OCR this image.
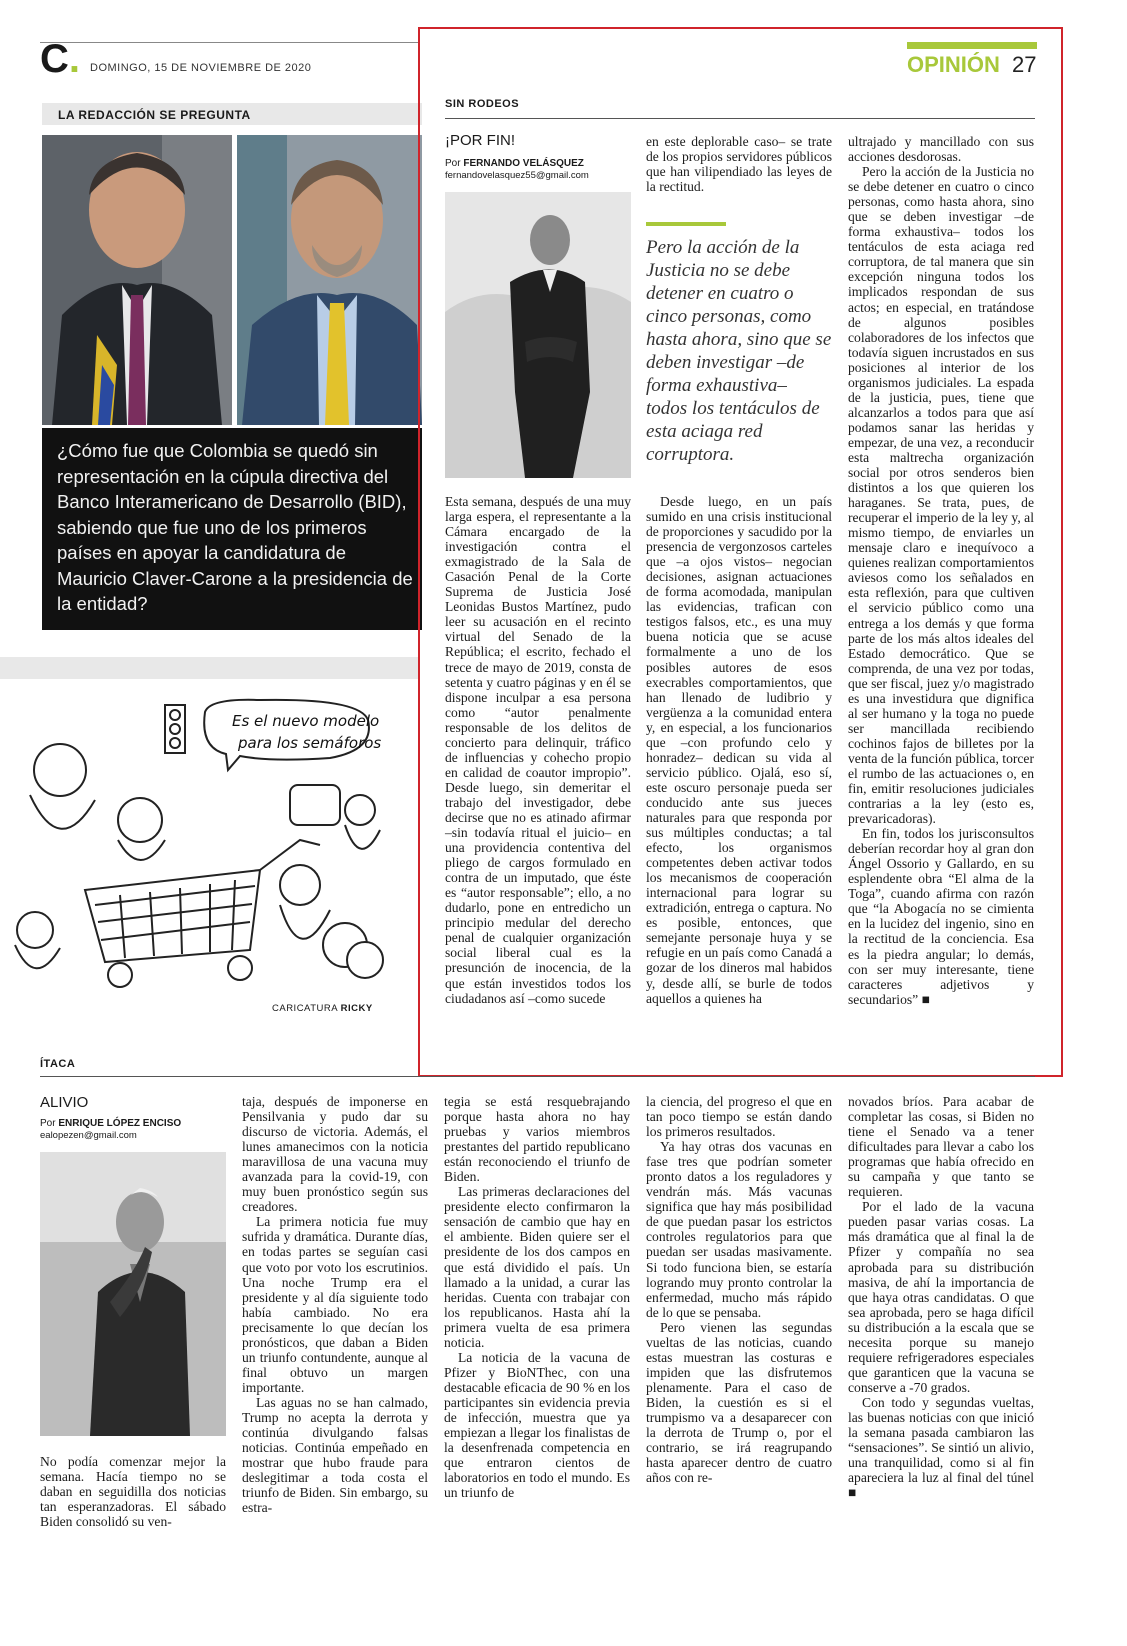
C. DOMINGO, 15 DE NOVIEMBRE DE 2020	OPINIÓN 27
LA REDACCIÓN SE PREGUNTA
¿Cómo fue que Colombia se quedó sin representación en la cúpula directiva del Banco Interamericano de Desarrollo (BID), sabiendo que fue uno de los primeros países en apoyar la candidatura de Mauricio Claver-Carone a la presidencia de la entidad?
Es el nuevo modelo
para los semáforos
CARICATURA RICKY
SIN RODEOS
¡POR FIN!
Por FERNANDO VELÁSQUEZ
fernandovelasquez55@gmail.com

Esta semana, después de una muy larga espera, el representante a la Cámara encargado de la investigación contra el exmagistrado de la Sala de Casación Penal de la Corte Suprema de Justicia José Leonidas Bustos Martínez, pudo leer su acusación en el recinto virtual del Senado de la República; el escrito, fechado el trece de mayo de 2019, consta de setenta y cuatro páginas y en él se dispone inculpar a esa persona como “autor penalmente responsable de los delitos de concierto para delinquir, tráfico de influencias y cohecho propio en calidad de coautor impropio”. Desde luego, sin demeritar el trabajo del investigador, debe decirse que no es atinado afirmar –sin todavía ritual el juicio– en una providencia contentiva del pliego de cargos formulado en contra de un imputado, que éste es “autor responsable”; ello, a no dudarlo, pone en entredicho un principio medular del derecho penal de cualquier organización social liberal cual es la presunción de inocencia, de la que están investidos todos los ciudadanos así –como sucede

en este deplorable caso– se trate de los propios servidores públicos que han vilipendiado las leyes de la rectitud.

Pero la acción de la Justicia no se debe detener en cuatro o cinco personas, como hasta ahora, sino que se deben investigar –de forma exhaustiva– todos los tentáculos de esta aciaga red corruptora.

Desde luego, en un país sumido en una crisis institucional de proporciones y sacudido por la presencia de vergonzosos carteles que –a ojos vistos– negocian decisiones, asignan actuaciones de forma acomodada, manipulan las evidencias, trafican con testigos falsos, etc., es una muy buena noticia que se acuse formalmente a uno de los posibles autores de esos execrables comportamientos, que han llenado de ludibrio y vergüenza a la comunidad entera y, en especial, a los funcionarios que –con profundo celo y honradez– dedican su vida al servicio público. Ojalá, eso sí, este oscuro personaje pueda ser conducido ante sus jueces naturales para que responda por sus múltiples conductas; a tal efecto, los organismos competentes deben activar todos los mecanismos de cooperación internacional para lograr su extradición, entrega o captura. No es posible, entonces, que semejante personaje huya y se refugie en un país como Canadá a gozar de los dineros mal habidos y, desde allí, se burle de todos aquellos a quienes ha

ultrajado y mancillado con sus acciones desdorosas.

Pero la acción de la Justicia no se debe detener en cuatro o cinco personas, como hasta ahora, sino que se deben investigar –de forma exhaustiva– todos los tentáculos de esta aciaga red corruptora, de tal manera que sin excepción ninguna todos los implicados respondan de sus actos; en especial, en tratándose de algunos posibles colaboradores de los infectos que todavía siguen incrustados en sus posiciones al interior de los organismos judiciales. La espada de la justicia, pues, tiene que alcanzarlos a todos para que así podamos sanar las heridas y empezar, de una vez, a reconducir esta maltrecha organización social por otros senderos bien distintos a los que quieren los haraganes. Se trata, pues, de recuperar el imperio de la ley y, al mismo tiempo, de enviarles un mensaje claro e inequívoco a quienes realizan comportamientos aviesos como los señalados en esta reflexión, para que cultiven el servicio público como una entrega a los demás y que forma parte de los más altos ideales del Estado democrático. Que se comprenda, de una vez por todas, que ser fiscal, juez y/o magistrado es una investidura que dignifica al ser humano y la toga no puede ser mancillada recibiendo cochinos fajos de billetes por la venta de la función pública, torcer el rumbo de las actuaciones o, en fin, emitir resoluciones judiciales contrarias a la ley (esto es, prevaricadoras).

En fin, todos los jurisconsultos deberían recordar hoy al gran don Ángel Ossorio y Gallardo, en su esplendente obra “El alma de la Toga”, cuando afirma con razón que “la Abogacía no se cimienta en la lucidez del ingenio, sino en la rectitud de la conciencia. Esa es la piedra angular; lo demás, con ser muy interesante, tiene caracteres adjetivos y secundarios” ■

ÍTACA
ALIVIO
Por ENRIQUE LÓPEZ ENCISO
ealopezen@gmail.com

No podía comenzar mejor la semana. Hacía tiempo no se daban en seguidilla dos noticias tan esperanzadoras. El sábado Biden consolidó su ven-

taja, después de imponerse en Pensilvania y pudo dar su discurso de victoria. Además, el lunes amanecimos con la noticia maravillosa de una vacuna muy avanzada para la covid-19, con muy buen pronóstico según sus creadores.

La primera noticia fue muy sufrida y dramática. Durante días, en todas partes se seguían casi que voto por voto los escrutinios. Una noche Trump era el presidente y al día siguiente todo había cambiado. No era precisamente lo que decían los pronósticos, que daban a Biden un triunfo contundente, aunque al final obtuvo un margen importante.

Las aguas no se han calmado, Trump no acepta la derrota y continúa divulgando falsas noticias. Continúa empeñado en mostrar que hubo fraude para deslegitimar a toda costa el triunfo de Biden. Sin embargo, su estra-

tegia se está resquebrajando porque hasta ahora no hay pruebas y varios miembros prestantes del partido republicano están reconociendo el triunfo de Biden.

Las primeras declaraciones del presidente electo confirmaron la sensación de cambio que hay en el ambiente. Biden quiere ser el presidente de los dos campos en que está dividido el país. Un llamado a la unidad, a curar las heridas. Cuenta con trabajar con los republicanos. Hasta ahí la primera vuelta de esa primera noticia.

La noticia de la vacuna de Pfizer y BioNThec, con una destacable eficacia de 90 % en los participantes sin evidencia previa de infección, muestra que ya empiezan a llegar los finalistas de la desenfrenada competencia en que entraron cientos de laboratorios en todo el mundo. Es un triunfo de

la ciencia, del progreso el que en tan poco tiempo se están dando los primeros resultados.

Ya hay otras dos vacunas en fase tres que podrían someter pronto datos a los reguladores y vendrán más. Más vacunas significa que hay más posibilidad de que puedan pasar los estrictos controles regulatorios para que puedan ser usadas masivamente. Si todo funciona bien, se estaría logrando muy pronto controlar la enfermedad, mucho más rápido de lo que se pensaba.

Pero vienen las segundas vueltas de las noticias, cuando estas muestran las costuras e impiden que las disfrutemos plenamente. Para el caso de Biden, la cuestión es si el trumpismo va a desaparecer con la derrota de Trump o, por el contrario, se irá reagrupando hasta aparecer dentro de cuatro años con re-

novados bríos. Para acabar de completar las cosas, si Biden no tiene el Senado va a tener dificultades para llevar a cabo los programas que había ofrecido en su campaña y que tanto se requieren.

Por el lado de la vacuna pueden pasar varias cosas. La más dramática que al final la de Pfizer y compañía no sea aprobada para su distribución masiva, de ahí la importancia de que haya otras candidatas. O que sea aprobada, pero se haga difícil su distribución a la escala que se necesita porque su manejo requiere refrigeradores especiales que garanticen que la vacuna se conserve a -70 grados.

Con todo y segundas vueltas, las buenas noticias con que inició la semana pasada cambiaron las “sensaciones”. Se sintió un alivio, una tranquilidad, como si al fin apareciera la luz al final del túnel ■
